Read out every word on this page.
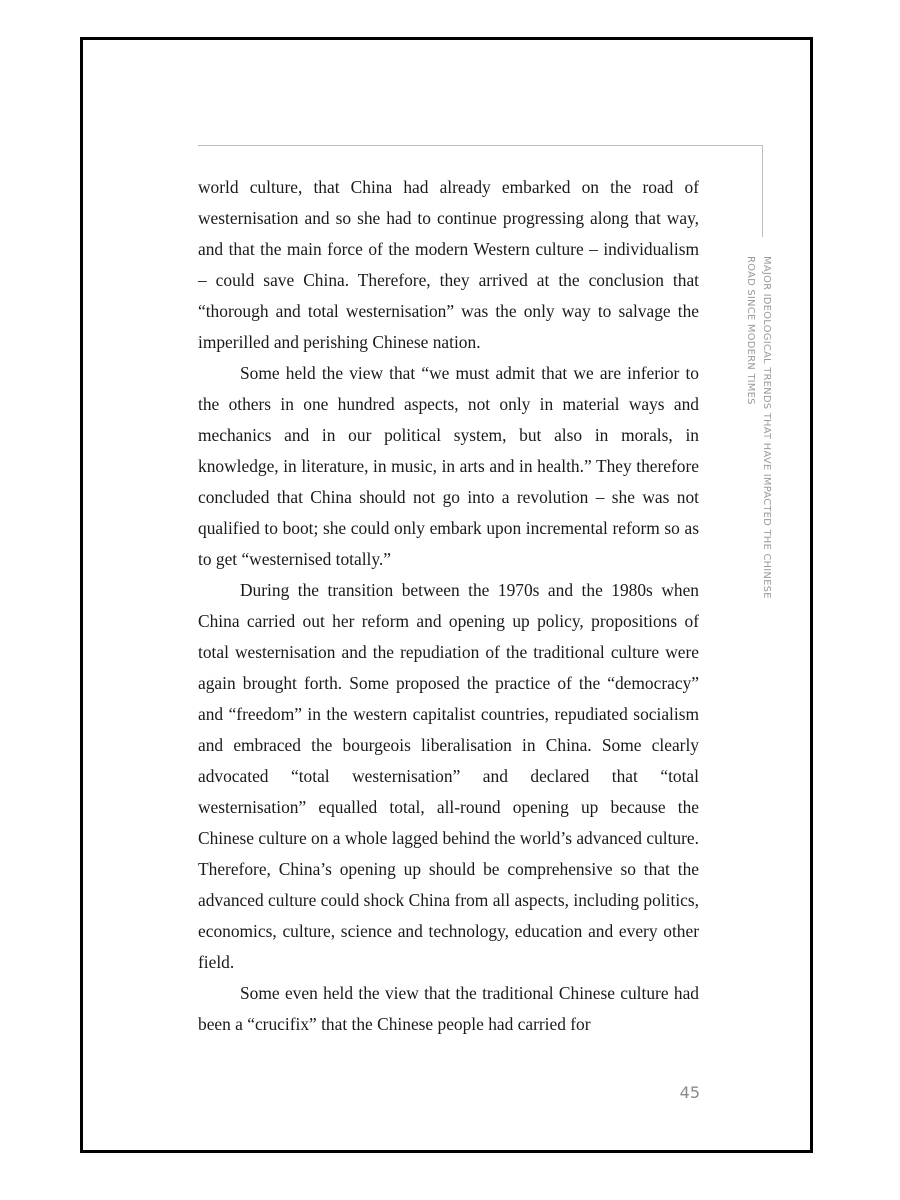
MAJOR IDEOLOGICAL TRENDS THAT HAVE IMPACTED THE CHINESE
ROAD SINCE MODERN TIMES

world culture, that China had already embarked on the road of westernisation and so she had to continue progressing along that way, and that the main force of the modern Western culture – individualism – could save China. Therefore, they arrived at the conclusion that “thorough and total westernisation” was the only way to salvage the imperilled and perishing Chinese nation.

Some held the view that “we must admit that we are inferior to the others in one hundred aspects, not only in material ways and mechanics and in our political system, but also in morals, in knowledge, in literature, in music, in arts and in health.” They therefore concluded that China should not go into a revolution – she was not qualified to boot; she could only embark upon incremental reform so as to get “westernised totally.”

During the transition between the 1970s and the 1980s when China carried out her reform and opening up policy, propositions of total westernisation and the repudiation of the traditional culture were again brought forth. Some proposed the practice of the “democracy” and “freedom” in the western capitalist countries, repudiated socialism and embraced the bourgeois liberalisation in China. Some clearly advocated “total westernisation” and declared that “total westernisation” equalled total, all-round opening up because the Chinese culture on a whole lagged behind the world’s advanced culture. Therefore, China’s opening up should be comprehensive so that the advanced culture could shock China from all aspects, including politics, economics, culture, science and technology, education and every other field.

Some even held the view that the traditional Chinese culture had been a “crucifix” that the Chinese people had carried for

45
